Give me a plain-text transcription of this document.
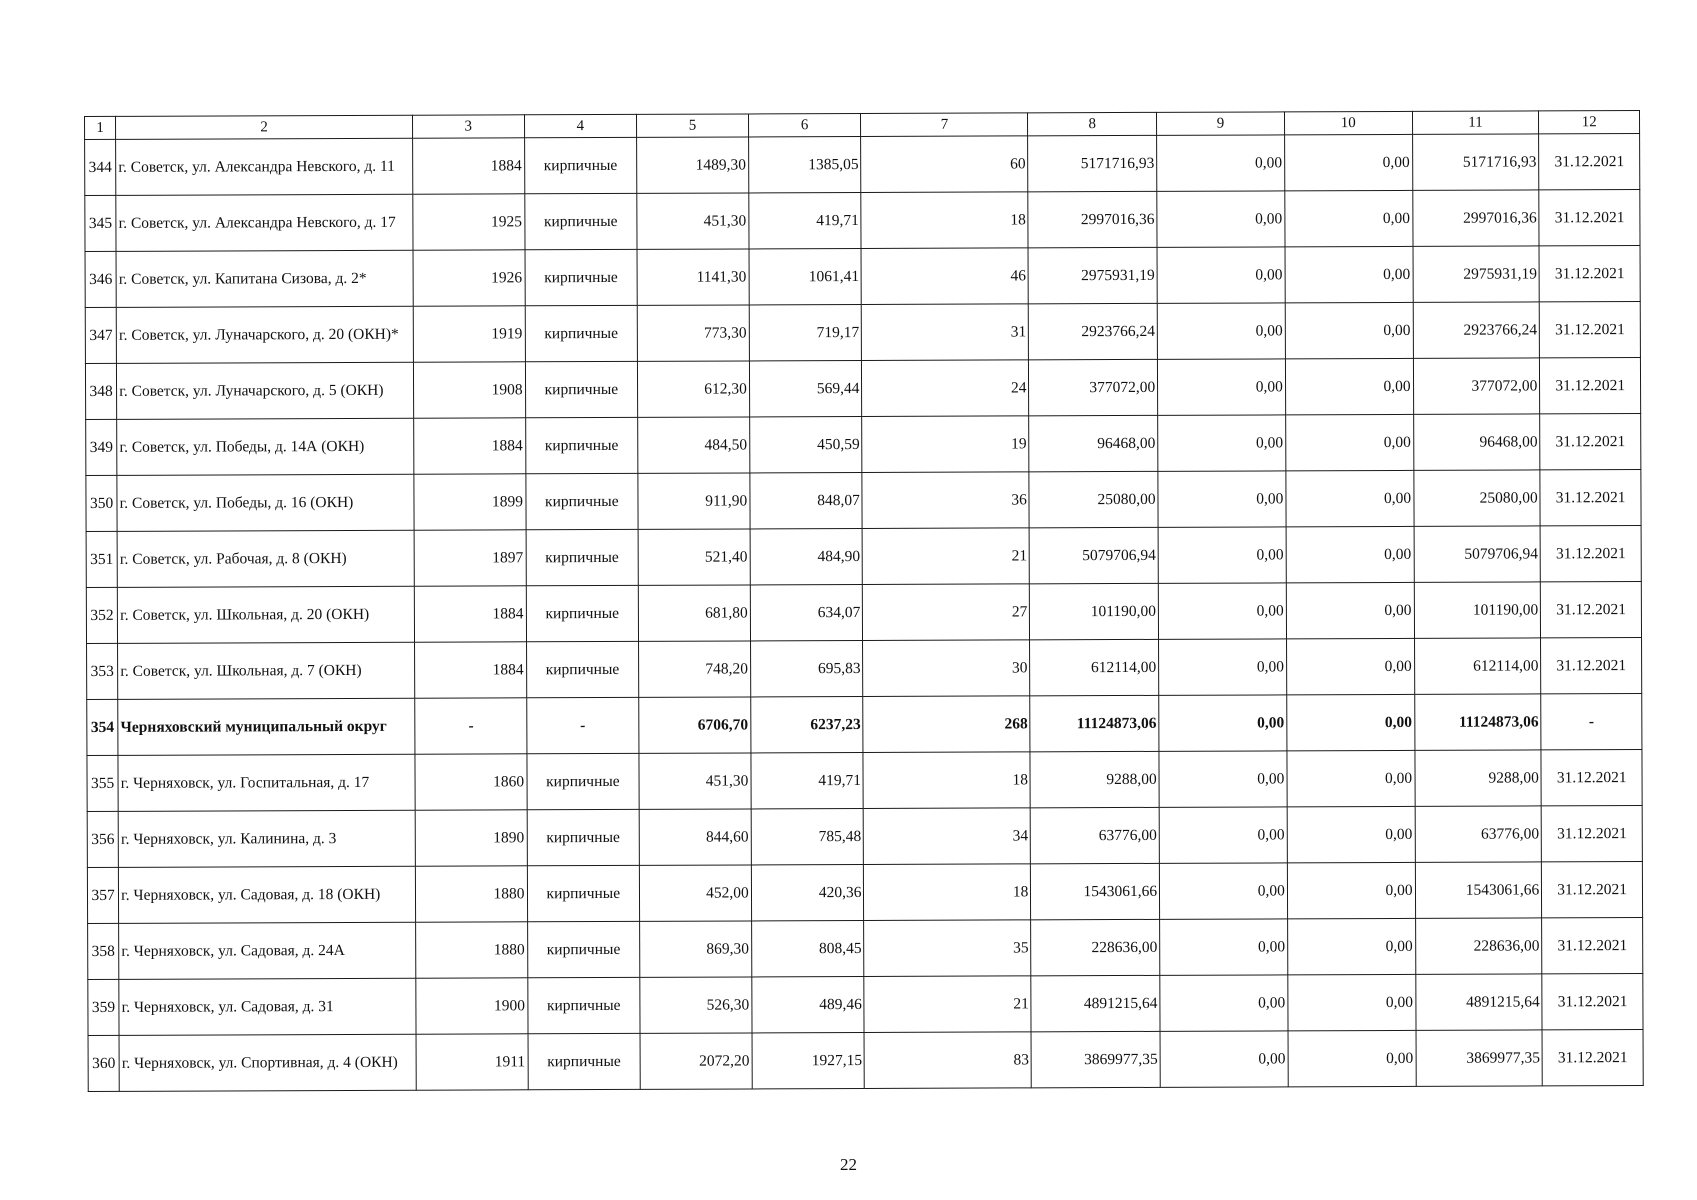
1	2	3	4	5	6	7	8	9	10	11	12
344	г. Советск, ул. Александра Невского, д. 11	1884	кирпичные	1489,30	1385,05	60	5171716,93	0,00	0,00	5171716,93	31.12.2021
345	г. Советск, ул. Александра Невского, д. 17	1925	кирпичные	451,30	419,71	18	2997016,36	0,00	0,00	2997016,36	31.12.2021
346	г. Советск, ул. Капитана Сизова, д. 2*	1926	кирпичные	1141,30	1061,41	46	2975931,19	0,00	0,00	2975931,19	31.12.2021
347	г. Советск, ул. Луначарского, д. 20 (ОКН)*	1919	кирпичные	773,30	719,17	31	2923766,24	0,00	0,00	2923766,24	31.12.2021
348	г. Советск, ул. Луначарского, д. 5 (ОКН)	1908	кирпичные	612,30	569,44	24	377072,00	0,00	0,00	377072,00	31.12.2021
349	г. Советск, ул. Победы, д. 14А (ОКН)	1884	кирпичные	484,50	450,59	19	96468,00	0,00	0,00	96468,00	31.12.2021
350	г. Советск, ул. Победы, д. 16 (ОКН)	1899	кирпичные	911,90	848,07	36	25080,00	0,00	0,00	25080,00	31.12.2021
351	г. Советск, ул. Рабочая, д. 8 (ОКН)	1897	кирпичные	521,40	484,90	21	5079706,94	0,00	0,00	5079706,94	31.12.2021
352	г. Советск, ул. Школьная, д. 20 (ОКН)	1884	кирпичные	681,80	634,07	27	101190,00	0,00	0,00	101190,00	31.12.2021
353	г. Советск, ул. Школьная, д. 7 (ОКН)	1884	кирпичные	748,20	695,83	30	612114,00	0,00	0,00	612114,00	31.12.2021
354	Черняховский муниципальный округ	-	-	6706,70	6237,23	268	11124873,06	0,00	0,00	11124873,06	-
355	г. Черняховск, ул. Госпитальная, д. 17	1860	кирпичные	451,30	419,71	18	9288,00	0,00	0,00	9288,00	31.12.2021
356	г. Черняховск, ул. Калинина, д. 3	1890	кирпичные	844,60	785,48	34	63776,00	0,00	0,00	63776,00	31.12.2021
357	г. Черняховск, ул. Садовая, д. 18 (ОКН)	1880	кирпичные	452,00	420,36	18	1543061,66	0,00	0,00	1543061,66	31.12.2021
358	г. Черняховск, ул. Садовая, д. 24А	1880	кирпичные	869,30	808,45	35	228636,00	0,00	0,00	228636,00	31.12.2021
359	г. Черняховск, ул. Садовая, д. 31	1900	кирпичные	526,30	489,46	21	4891215,64	0,00	0,00	4891215,64	31.12.2021
360	г. Черняховск, ул. Спортивная, д. 4 (ОКН)	1911	кирпичные	2072,20	1927,15	83	3869977,35	0,00	0,00	3869977,35	31.12.2021
22
